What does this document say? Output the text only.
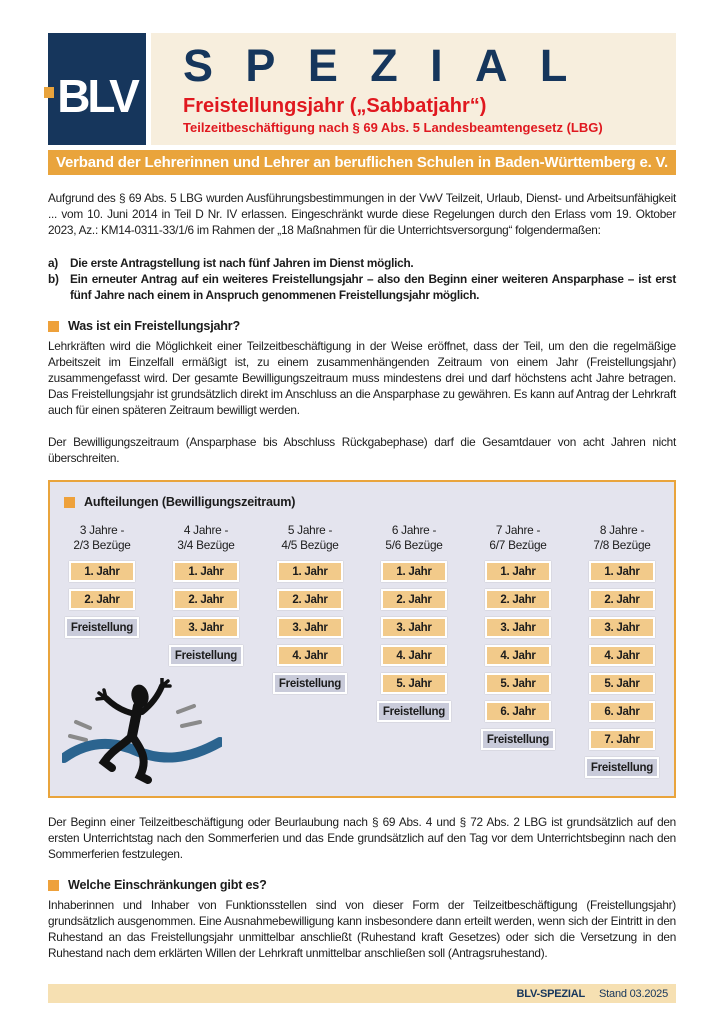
BLV
SPEZIAL
Freistellungsjahr („Sabbatjahr“)
Teilzeitbeschäftigung nach § 69 Abs. 5 Landesbeamtengesetz (LBG)
Verband der Lehrerinnen und Lehrer an beruflichen Schulen in Baden-Württemberg e. V.
Aufgrund des § 69 Abs. 5 LBG wurden Ausführungsbestimmungen in der VwV Teilzeit, Urlaub, Dienst- und Arbeitsunfähigkeit ... vom 10. Juni 2014 in Teil D Nr. IV erlassen. Eingeschränkt wurde diese Regelungen durch den Erlass vom 19. Oktober 2023, Az.: KM14-0311-33/1/6 im Rahmen der „18 Maßnahmen für die Unterrichtsversorgung“ folgendermaßen:
a)	Die erste Antragstellung ist nach fünf Jahren im Dienst möglich.
b) Ein erneuter Antrag auf ein weiteres Freistellungsjahr – also den Beginn einer weiteren Ansparphase – ist erst fünf Jahre nach einem in Anspruch genommenen Freistellungsjahr möglich.
Was ist ein Freistellungsjahr?
Lehrkräften wird die Möglichkeit einer Teilzeitbeschäftigung in der Weise eröffnet, dass der Teil, um den die regelmäßige Arbeitszeit im Einzelfall ermäßigt ist, zu einem zusammenhängenden Zeitraum von einem Jahr (Freistellungsjahr) zusammengefasst wird. Der gesamte Bewilligungszeitraum muss mindestens drei und darf höchstens acht Jahre betragen. Das Freistellungsjahr ist grundsätzlich direkt im Anschluss an die Ansparphase zu gewähren. Es kann auf Antrag der Lehrkraft auch für einen späteren Zeitraum bewilligt werden.
Der Bewilligungszeitraum (Ansparphase bis Abschluss Rückgabephase) darf die Gesamtdauer von acht Jahren nicht überschreiten.
Aufteilungen (Bewilligungszeitraum)
3 Jahre -
2/3 Bezüge
1. Jahr
2. Jahr
Freistellung
4 Jahre -
3/4 Bezüge
1. Jahr
2. Jahr
3. Jahr
Freistellung
5 Jahre -
4/5 Bezüge
1. Jahr
2. Jahr
3. Jahr
4. Jahr
Freistellung
6 Jahre -
5/6 Bezüge
1. Jahr
2. Jahr
3. Jahr
4. Jahr
5. Jahr
Freistellung
7 Jahre -
6/7 Bezüge
1. Jahr
2. Jahr
3. Jahr
4. Jahr
5. Jahr
6. Jahr
Freistellung
8 Jahre -
7/8 Bezüge
1. Jahr
2. Jahr
3. Jahr
4. Jahr
5. Jahr
6. Jahr
7. Jahr
Freistellung
Der Beginn einer Teilzeitbeschäftigung oder Beurlaubung nach § 69 Abs. 4 und § 72 Abs. 2 LBG ist grundsätzlich auf den ersten Unterrichtstag nach den Sommerferien und das Ende grundsätzlich auf den Tag vor dem Unterrichtsbeginn nach den Sommerferien festzulegen.
Welche Einschränkungen gibt es?
Inhaberinnen und Inhaber von Funktionsstellen sind von dieser Form der Teilzeitbeschäftigung (Freistellungsjahr) grundsätzlich ausgenommen. Eine Ausnahmebewilligung kann insbesondere dann erteilt werden, wenn sich der Eintritt in den Ruhestand an das Freistellungsjahr unmittelbar anschließt (Ruhestand kraft Gesetzes) oder sich die Versetzung in den Ruhestand nach dem erklärten Willen der Lehrkraft unmittelbar anschließen soll (Antragsruhestand).
BLV-SPEZIAL Stand 03.2025
